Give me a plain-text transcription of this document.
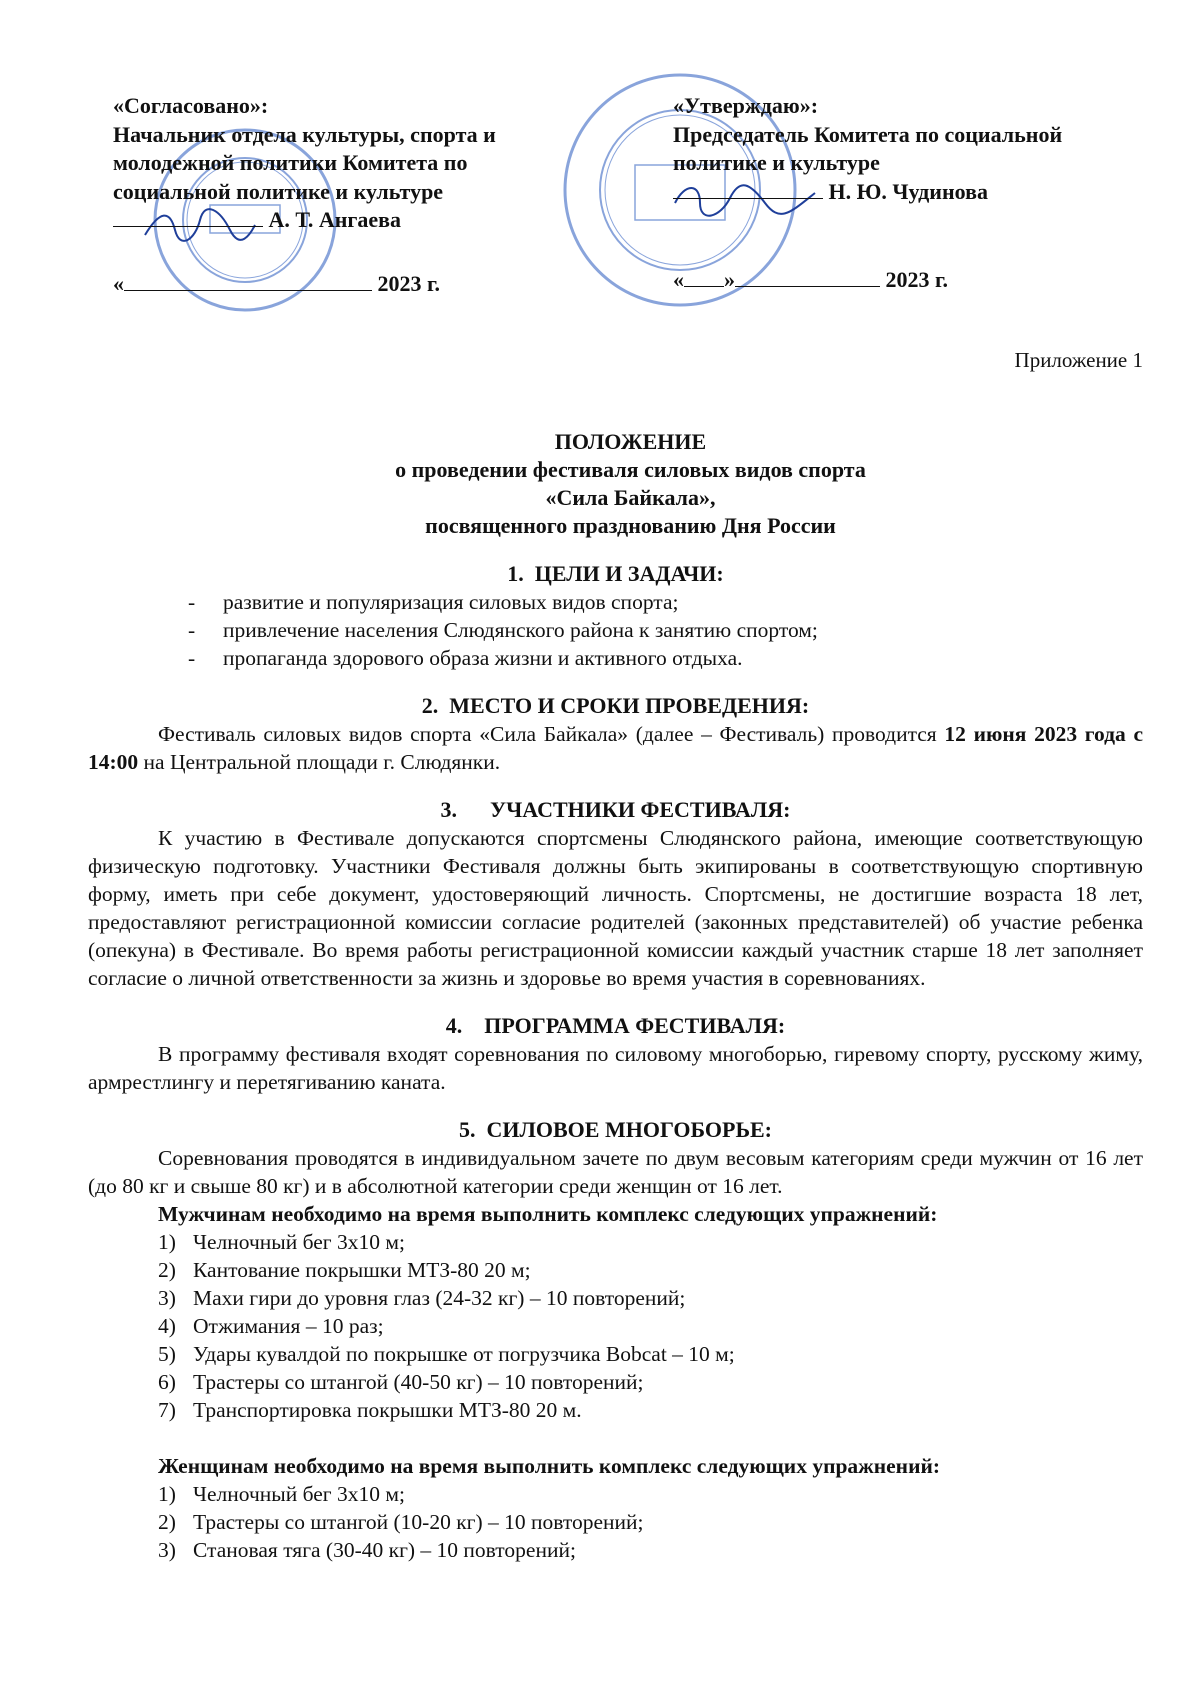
«Согласовано»:
Начальник отдела культуры, спорта и
молодежной политики Комитета по
социальной политике и культуре
А. Т. Ангаева
«	2023 г.
«Утверждаю»:
Председатель Комитета по социальной
политике и культуре
Н. Ю. Чудинова
« »	2023 г.
Приложение 1
ПОЛОЖЕНИЕ
о проведении фестиваля силовых видов спорта
«Сила Байкала»,
посвященного празднованию Дня России
1.  ЦЕЛИ И ЗАДАЧИ:
- развитие и популяризация силовых видов спорта;
- привлечение населения Слюдянского района к занятию спортом;
- пропаганда здорового образа жизни и активного отдыха.
2.  МЕСТО И СРОКИ ПРОВЕДЕНИЯ:

Фестиваль силовых видов спорта «Сила Байкала» (далее – Фестиваль) проводится 12 июня 2023 года с 14:00 на Центральной площади г. Слюдянки.

3.      УЧАСТНИКИ ФЕСТИВАЛЯ:

К участию в Фестивале допускаются спортсмены Слюдянского района, имеющие соответствующую физическую подготовку. Участники Фестиваля должны быть экипированы в соответствующую спортивную форму, иметь при себе документ, удостоверяющий личность. Спортсмены, не достигшие возраста 18 лет, предоставляют регистрационной комиссии согласие родителей (законных представителей) об участие ребенка (опекуна) в Фестивале. Во время работы регистрационной комиссии каждый участник старше 18 лет заполняет согласие о личной ответственности за жизнь и здоровье во время участия в соревнованиях.

4.    ПРОГРАММА ФЕСТИВАЛЯ:

В программу фестиваля входят соревнования по силовому многоборью, гиревому спорту, русскому жиму, армрестлингу и перетягиванию каната.

5.  СИЛОВОЕ МНОГОБОРЬЕ:

Соревнования проводятся в индивидуальном зачете по двум весовым категориям среди мужчин от 16 лет (до 80 кг и свыше 80 кг) и в абсолютной категории среди женщин от 16 лет.

Мужчинам необходимо на время выполнить комплекс следующих упражнений:
1) Челночный бег 3х10 м;
2) Кантование покрышки МТЗ-80 20 м;
3) Махи гири до уровня глаз (24-32 кг) – 10 повторений;
4) Отжимания – 10 раз;
5) Удары кувалдой по покрышке от погрузчика Bobcat – 10 м;
6) Трастеры со штангой (40-50 кг) – 10 повторений;
7) Транспортировка покрышки МТЗ-80 20 м.
Женщинам необходимо на время выполнить комплекс следующих упражнений:
1) Челночный бег 3х10 м;
2) Трастеры со штангой (10-20 кг) – 10 повторений;
3) Становая тяга (30-40 кг) – 10 повторений;
